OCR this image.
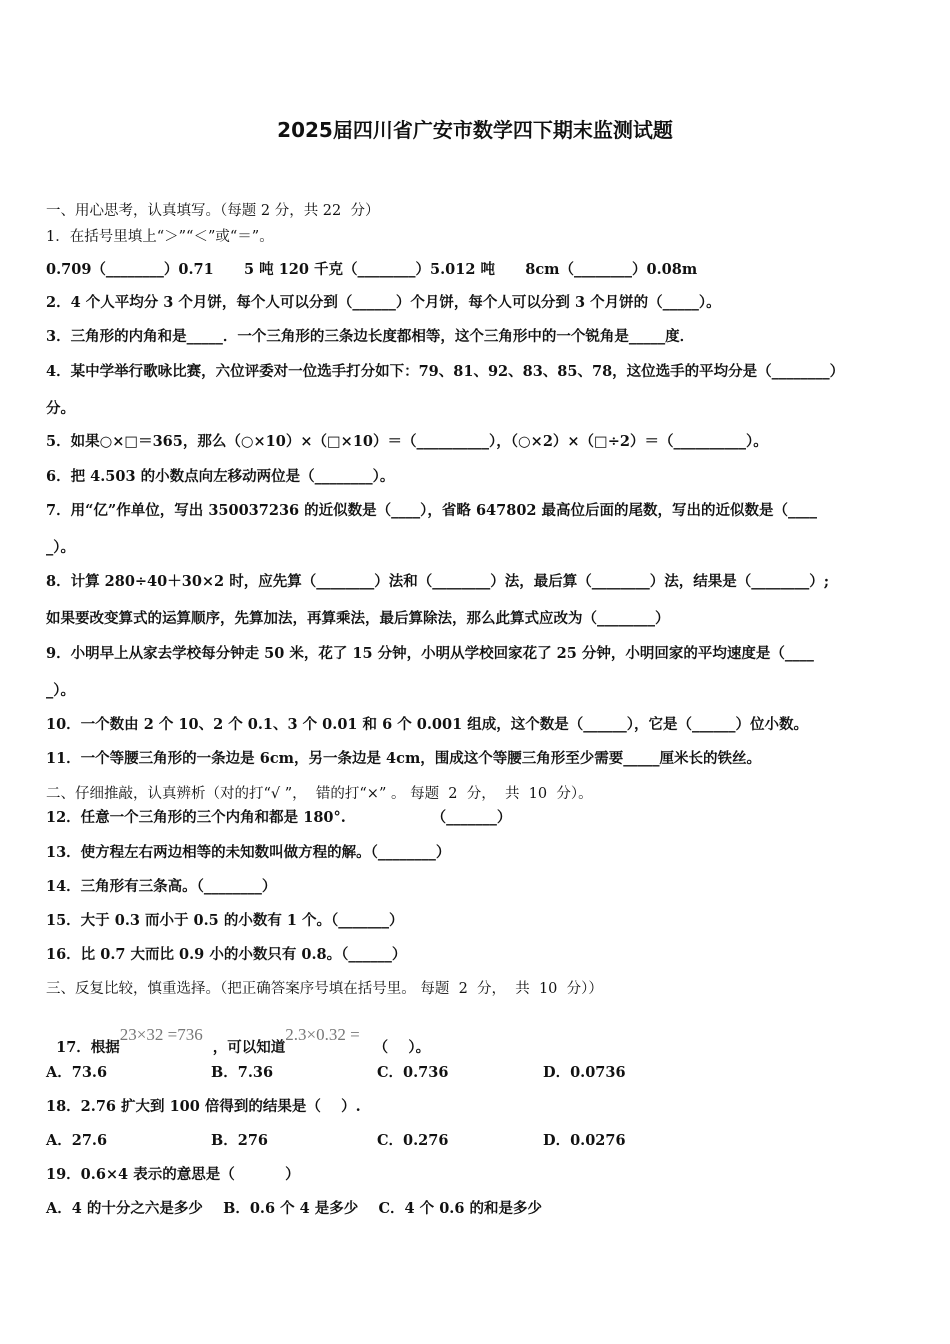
2025届四川省广安市数学四下期末监测试题
一、用心思考，认真填写。（每题 2 分，共 22  分）
1．在括号里填上“＞”“＜”或“＝”。
0.709（________）0.71      5 吨 120 千克（________）5.012 吨      8cm（________）0.08m
2．4 个人平均分 3 个月饼，每个人可以分到（______）个月饼，每个人可以分到 3 个月饼的（_____）。
3．三角形的内角和是_____．一个三角形的三条边长度都相等，这个三角形中的一个锐角是_____度．
4．某中学举行歌咏比赛，六位评委对一位选手打分如下：79、81、92、83、85、78，这位选手的平均分是（________）
分。
5．如果○×□＝365，那么（○×10）×（□×10）＝（__________），（○×2）×（□÷2）＝（__________）。
6．把 4.503 的小数点向左移动两位是（________）。
7．用“亿”作单位，写出 350037236 的近似数是（____），省略 647802 最高位后面的尾数，写出的近似数是（____
_）。
8．计算 280÷40＋30×2 时，应先算（________）法和（________）法，最后算（________）法，结果是（________）;
如果要改变算式的运算顺序，先算加法，再算乘法，最后算除法，那么此算式应改为（________）
9．小明早上从家去学校每分钟走 50 米，花了 15 分钟，小明从学校回家花了 25 分钟，小明回家的平均速度是（____
_）。
10．一个数由 2 个 10、2 个 0.1、3 个 0.01 和 6 个 0.001 组成，这个数是（______），它是（______）位小数。
11．一个等腰三角形的一条边是 6cm，另一条边是 4cm，围成这个等腰三角形至少需要_____厘米长的铁丝。
二、仔细推敲，认真辨析（对的打“√ ”，  错的打“×” 。 每题  2  分，  共  10  分）。
12．任意一个三角形的三个内角和都是 180°.                 （_______）
13．使方程左右两边相等的未知数叫做方程的解。（________）
14．三角形有三条高。（________）
15．大于 0.3 而小于 0.5 的小数有 1 个。（_______）
16．比 0.7 大而比 0.9 小的小数只有 0.8。（______）
三、反复比较，慎重选择。（把正确答案序号填在括号里。 每题  2  分，  共  10  分））

17．根据23×32 =736，可以知道2.3×0.32 =（    ）。

A．73.6	B．7.36	C．0.736	D．0.0736
18．2.76 扩大到 100 倍得到的结果是（    ）.
A．27.6	B．276	C．0.276	D．0.0276
19．0.6×4 表示的意思是（          ）
A．4 的十分之六是多少    B．0.6 个 4 是多少    C．4 个 0.6 的和是多少
